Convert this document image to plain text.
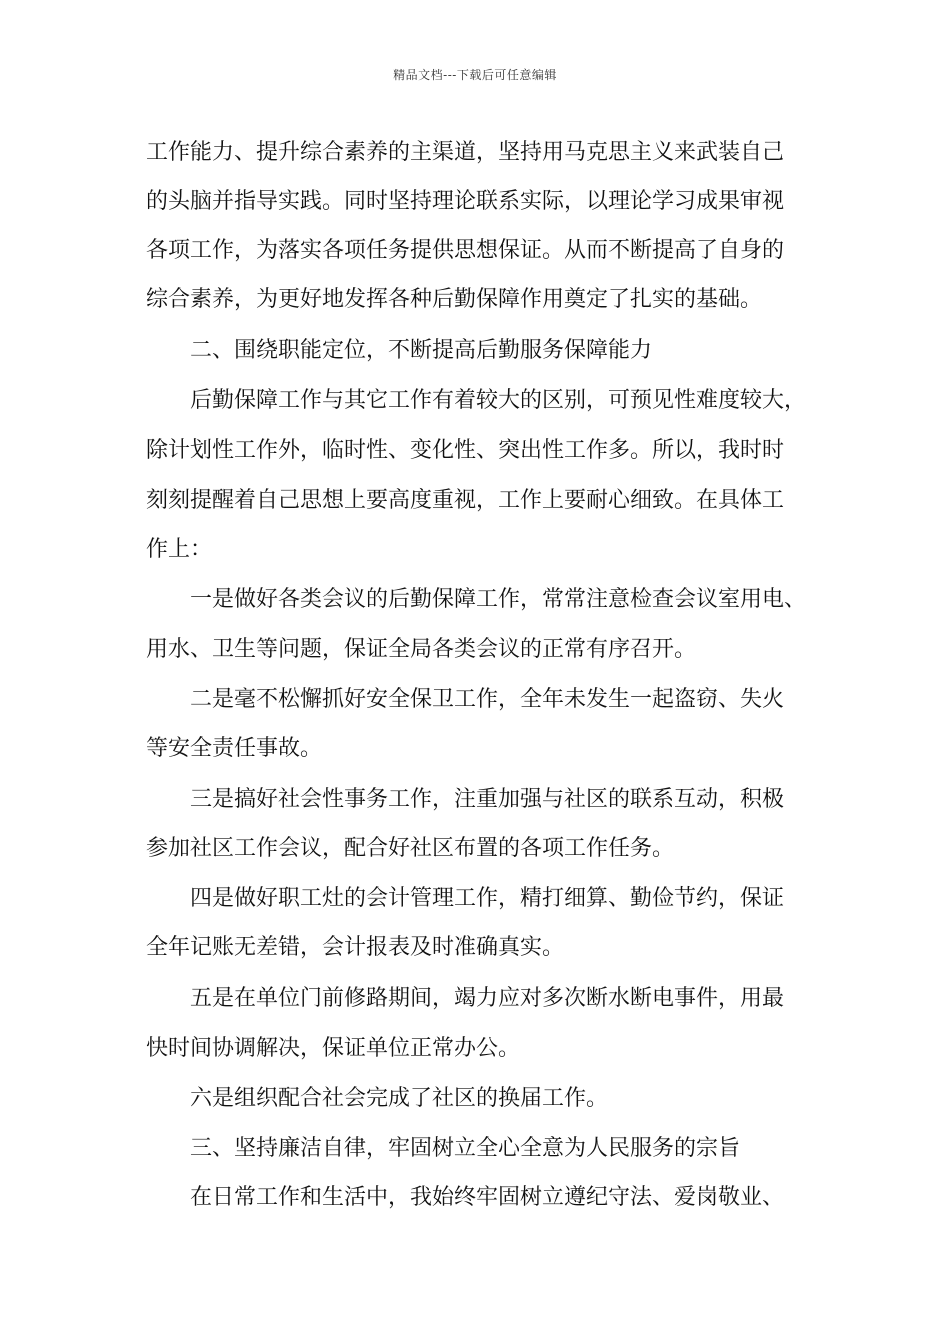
精品文档---下载后可任意编辑
工作能力、提升综合素养的主渠道，坚持用马克思主义来武装自己
的头脑并指导实践。同时坚持理论联系实际，以理论学习成果审视
各项工作，为落实各项任务提供思想保证。从而不断提高了自身的
综合素养，为更好地发挥各种后勤保障作用奠定了扎实的基础。
二、围绕职能定位，不断提高后勤服务保障能力
后勤保障工作与其它工作有着较大的区别，可预见性难度较大，
除计划性工作外，临时性、变化性、突出性工作多。所以，我时时
刻刻提醒着自己思想上要高度重视，工作上要耐心细致。在具体工
作上：
一是做好各类会议的后勤保障工作，常常注意检查会议室用电、
用水、卫生等问题，保证全局各类会议的正常有序召开。
二是毫不松懈抓好安全保卫工作，全年未发生一起盗窃、失火
等安全责任事故。
三是搞好社会性事务工作，注重加强与社区的联系互动，积极
参加社区工作会议，配合好社区布置的各项工作任务。
四是做好职工灶的会计管理工作，精打细算、勤俭节约，保证
全年记账无差错，会计报表及时准确真实。
五是在单位门前修路期间，竭力应对多次断水断电事件，用最
快时间协调解决，保证单位正常办公。
六是组织配合社会完成了社区的换届工作。
三、坚持廉洁自律，牢固树立全心全意为人民服务的宗旨
在日常工作和生活中，我始终牢固树立遵纪守法、爱岗敬业、
